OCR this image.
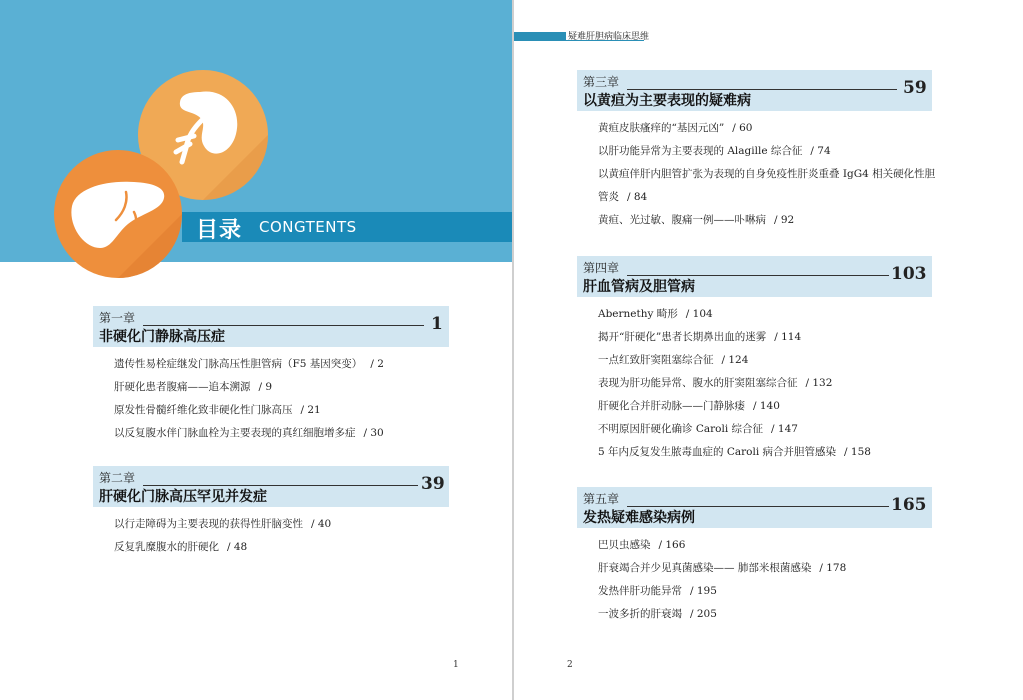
目录 CONGTENTS
第一章
非硬化门静脉高压症
1
遗传性易栓症继发门脉高压性胆管病（F5 基因突变） / 2
肝硬化患者腹痛——追本溯源 / 9
原发性骨髓纤维化致非硬化性门脉高压 / 21
以反复腹水伴门脉血栓为主要表现的真红细胞增多症 / 30
第二章
肝硬化门脉高压罕见并发症
39
以行走障碍为主要表现的获得性肝脑变性 / 40
反复乳糜腹水的肝硬化 / 48
1
疑难肝胆病临床思维
第三章
以黄疸为主要表现的疑难病
59
黄疸皮肤瘙痒的“基因元凶” / 60
以肝功能异常为主要表现的 Alagille 综合征 / 74
以黄疸伴肝内胆管扩张为表现的自身免疫性肝炎重叠 IgG4 相关硬化性胆
管炎 / 84
黄疸、光过敏、腹痛一例——卟啉病 / 92
第四章
肝血管病及胆管病
103
Abernethy 畸形 / 104
揭开“肝硬化”患者长期鼻出血的迷雾 / 114
一点红致肝窦阻塞综合征 / 124
表现为肝功能异常、腹水的肝窦阻塞综合征 / 132
肝硬化合并肝动脉——门静脉瘘 / 140
不明原因肝硬化确诊 Caroli 综合征 / 147
5 年内反复发生脓毒血症的 Caroli 病合并胆管感染 / 158
第五章
发热疑难感染病例
165
巴贝虫感染 / 166
肝衰竭合并少见真菌感染—— 肺部米根菌感染 / 178
发热伴肝功能异常 / 195
一波多折的肝衰竭 / 205
2
